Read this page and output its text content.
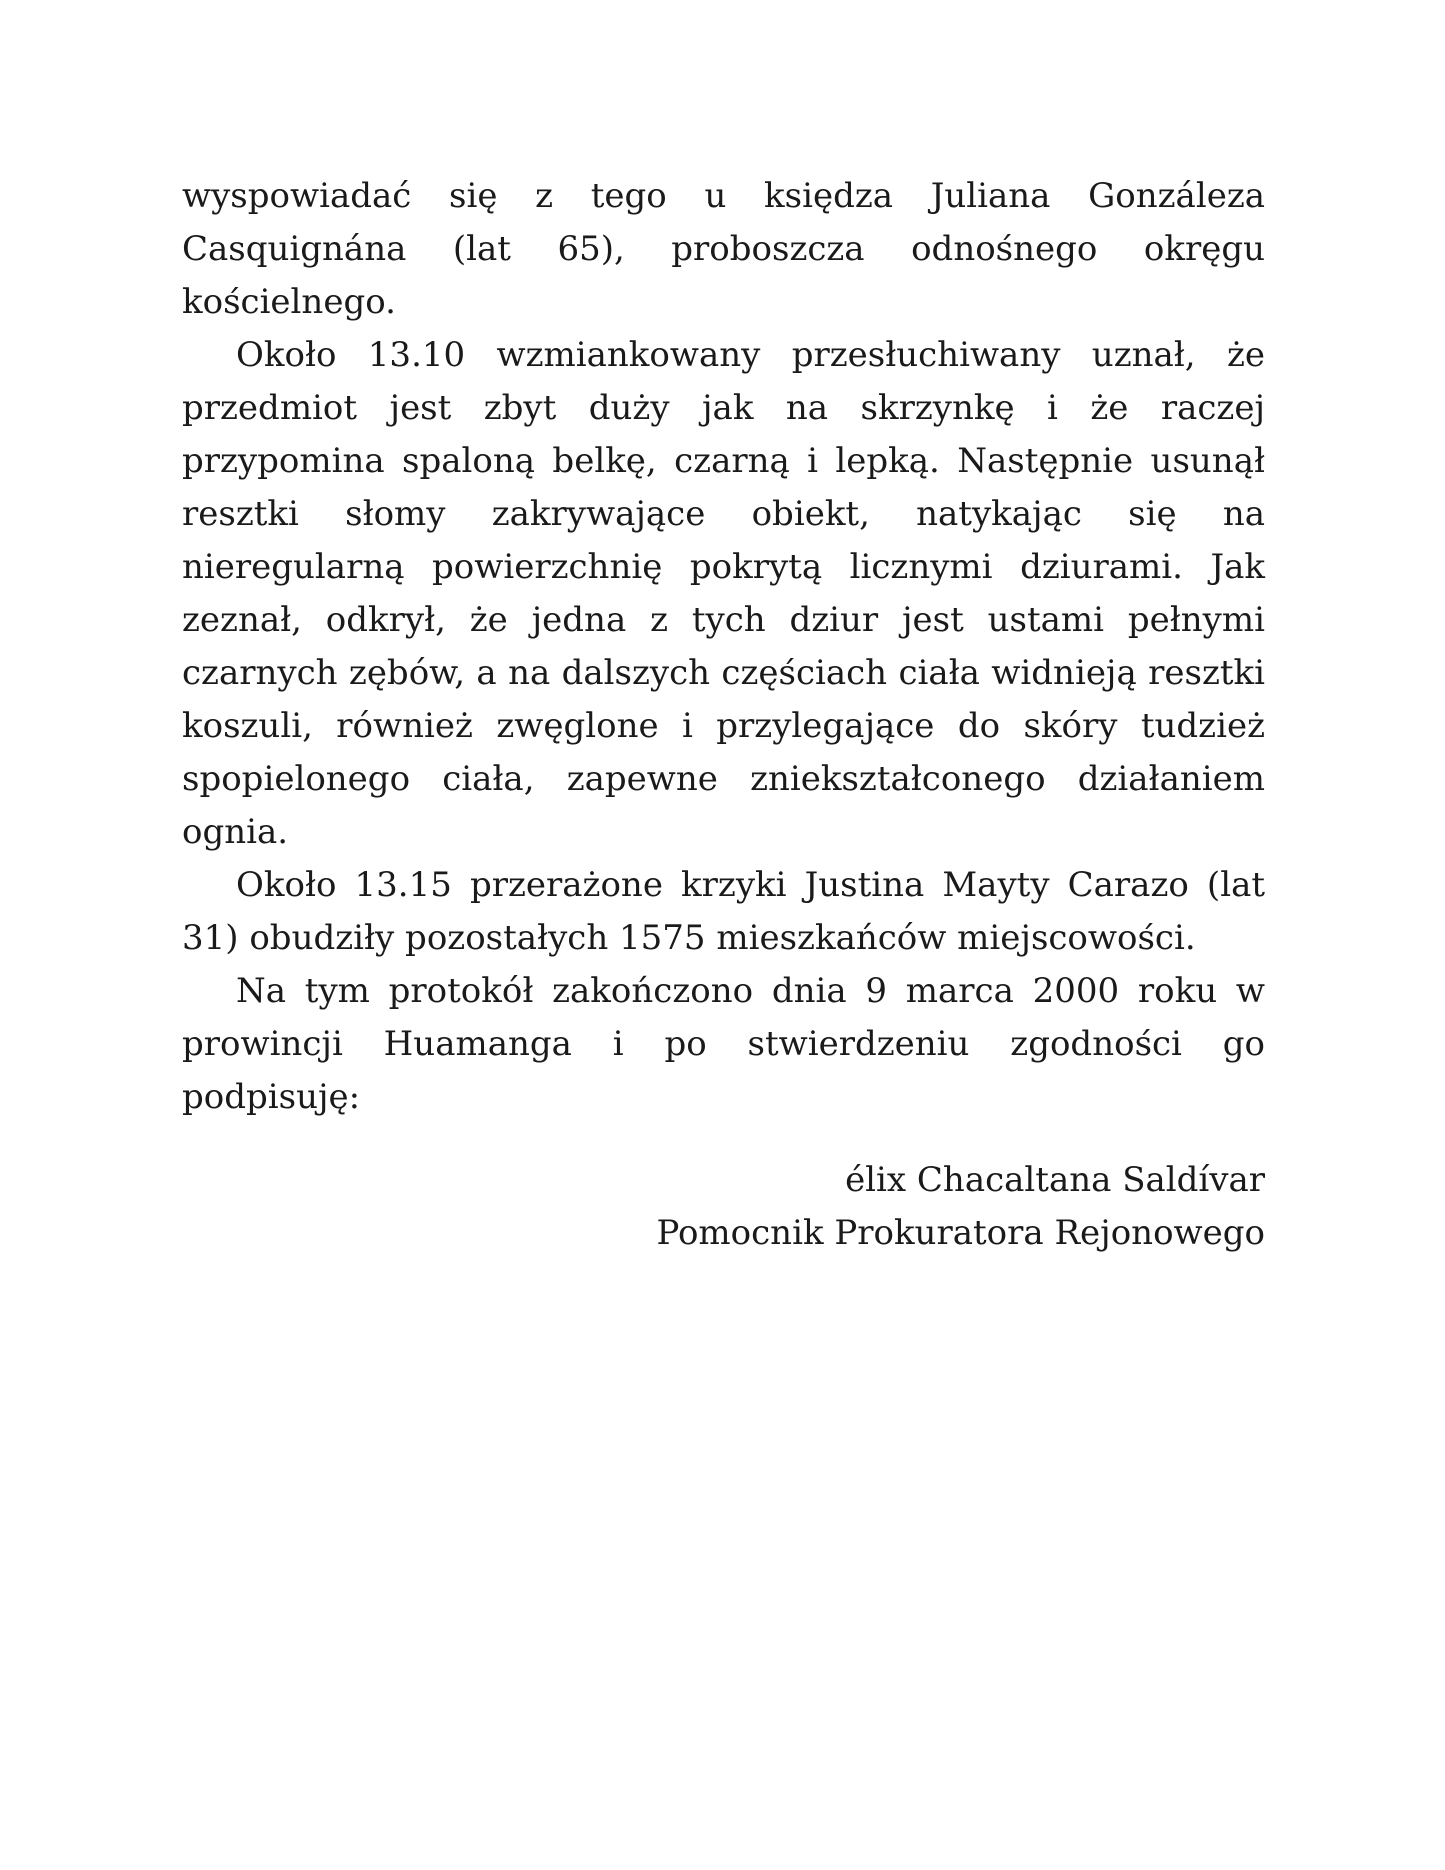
wyspowiadać się z tego u księdza Juliana Gonzáleza Casquignána (lat 65), proboszcza odnośnego okręgu kościelnego.

Około 13.10 wzmiankowany przesłuchiwany uznał, że przedmiot jest zbyt duży jak na skrzynkę i że raczej przypomina spaloną belkę, czarną i lepką. Następnie usunął resztki słomy zakrywające obiekt, natykając się na nieregularną powierzchnię pokrytą licznymi dziurami. Jak zeznał, odkrył, że jedna z tych dziur jest ustami pełnymi czarnych zębów, a na dalszych częściach ciała widnieją resztki koszuli, również zwęglone i przylegające do skóry tudzież spopielonego ciała, zapewne zniekształconego działaniem ognia.

Około 13.15 przerażone krzyki Justina Mayty Carazo (lat 31) obudziły pozostałych 1575 mieszkańców miejscowości.

Na tym protokół zakończono dnia 9 marca 2000 roku w prowincji Huamanga i po stwierdzeniu zgodności go podpisuję:

élix Chacaltana Saldívar
Pomocnik Prokuratora Rejonowego
